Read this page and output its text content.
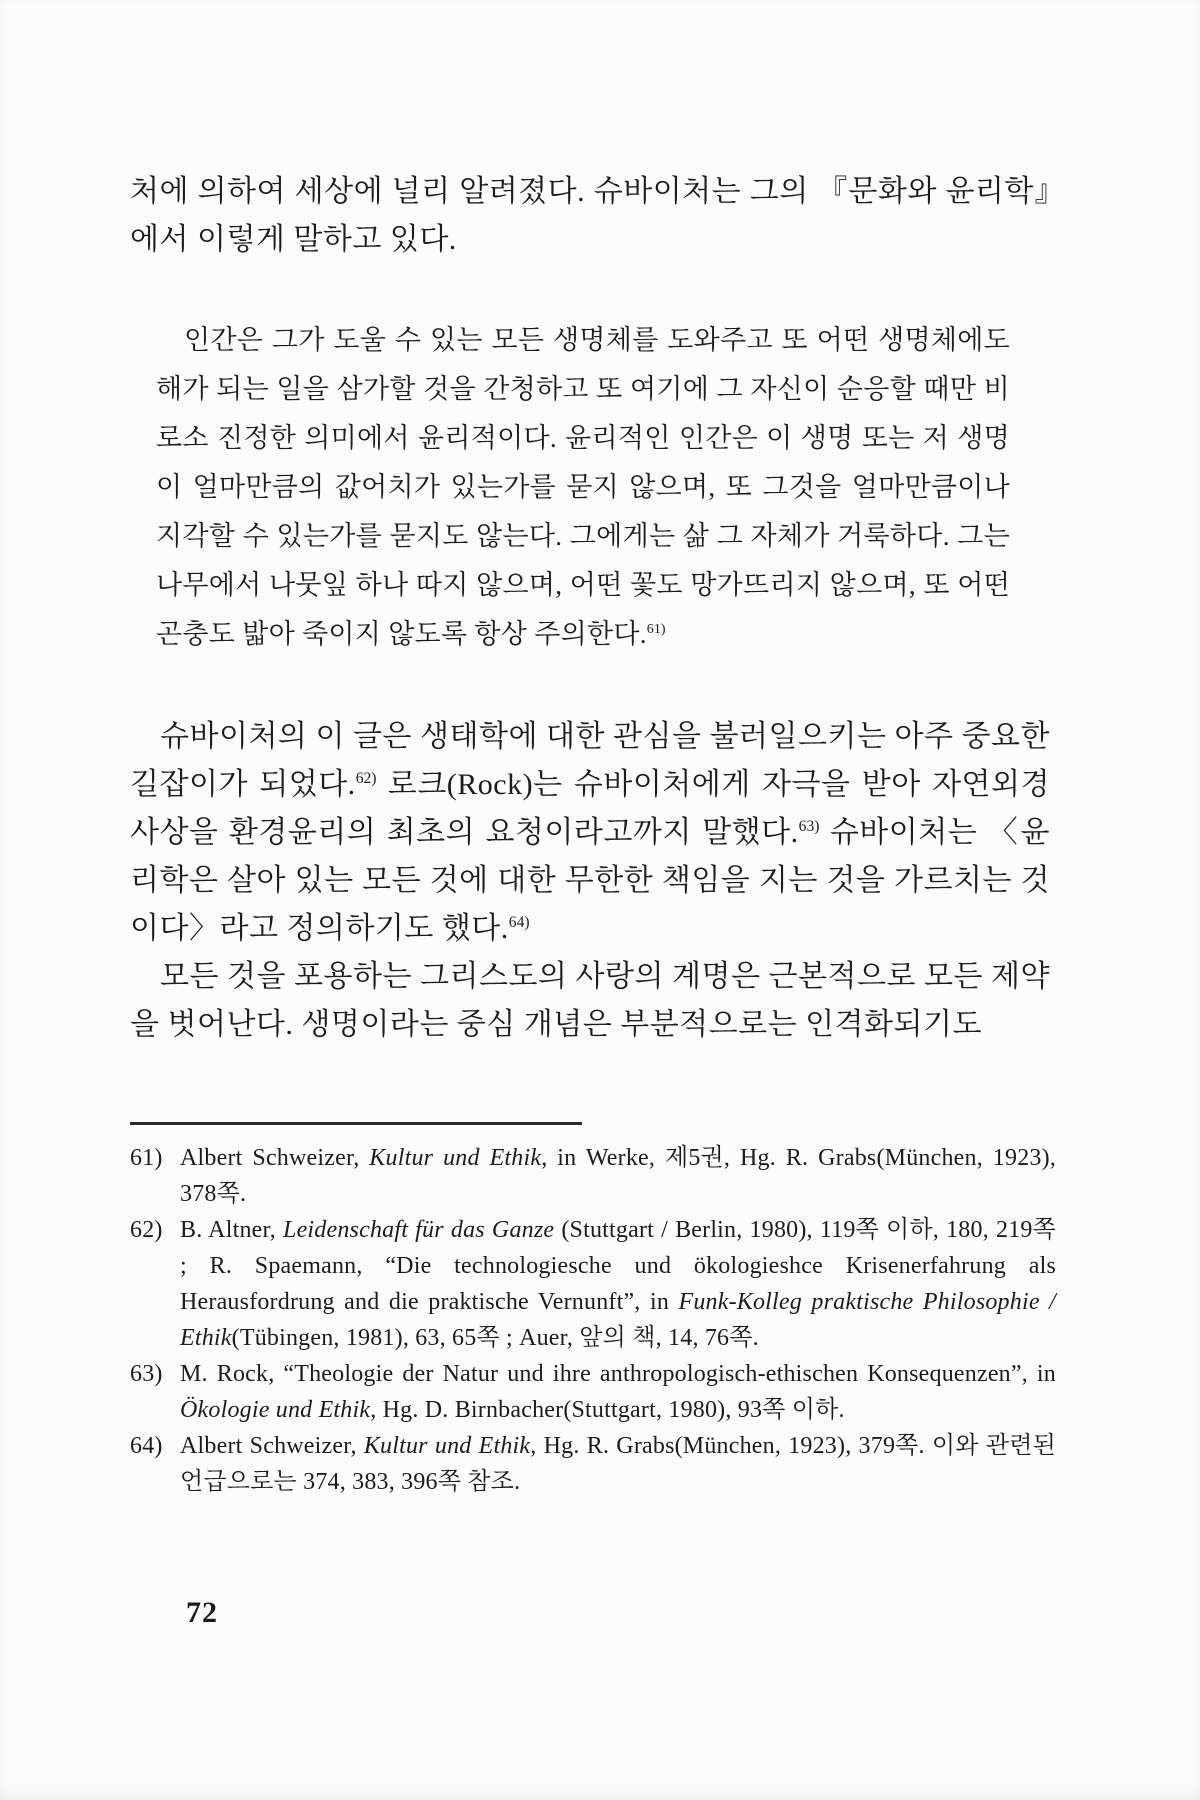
처에 의하여 세상에 널리 알려졌다. 슈바이처는 그의 『문화와 윤리학』에서 이렇게 말하고 있다.

인간은 그가 도울 수 있는 모든 생명체를 도와주고 또 어떤 생명체에도 해가 되는 일을 삼가할 것을 간청하고 또 여기에 그 자신이 순응할 때만 비로소 진정한 의미에서 윤리적이다. 윤리적인 인간은 이 생명 또는 저 생명이 얼마만큼의 값어치가 있는가를 묻지 않으며, 또 그것을 얼마만큼이나 지각할 수 있는가를 묻지도 않는다. 그에게는 삶 그 자체가 거룩하다. 그는 나무에서 나뭇잎 하나 따지 않으며, 어떤 꽃도 망가뜨리지 않으며, 또 어떤 곤충도 밟아 죽이지 않도록 항상 주의한다.$^{61)}$

슈바이처의 이 글은 생태학에 대한 관심을 불러일으키는 아주 중요한 길잡이가 되었다.$^{62)}$ 로크(Rock)는 슈바이처에게 자극을 받아 자연외경사상을 환경윤리의 최초의 요청이라고까지 말했다.$^{63)}$ 슈바이처는 〈윤리학은 살아 있는 모든 것에 대한 무한한 책임을 지는 것을 가르치는 것이다〉라고 정의하기도 했다.$^{64)}$

모든 것을 포용하는 그리스도의 사랑의 계명은 근본적으로 모든 제약을 벗어난다. 생명이라는 중심 개념은 부분적으로는 인격화되기도

61) Albert Schweizer, Kultur und Ethik, in Werke, 제5권, Hg. R. Grabs(München, 1923), 378쪽.

62) B. Altner, Leidenschaft für das Ganze (Stuttgart / Berlin, 1980), 119쪽 이하, 180, 219쪽 ; R. Spaemann, “Die technologiesche und ökologieshce Krisenerfahrung als Herausfordrung and die praktische Vernunft”, in Funk-Kolleg praktische Philosophie / Ethik(Tübingen, 1981), 63, 65쪽 ; Auer, 앞의 책, 14, 76쪽.

63) M. Rock, “Theologie der Natur und ihre anthropologisch-ethischen Konsequenzen”, in Ökologie und Ethik, Hg. D. Birnbacher(Stuttgart, 1980), 93쪽 이하.

64) Albert Schweizer, Kultur und Ethik, Hg. R. Grabs(München, 1923), 379쪽. 이와 관련된 언급으로는 374, 383, 396쪽 참조.

72
